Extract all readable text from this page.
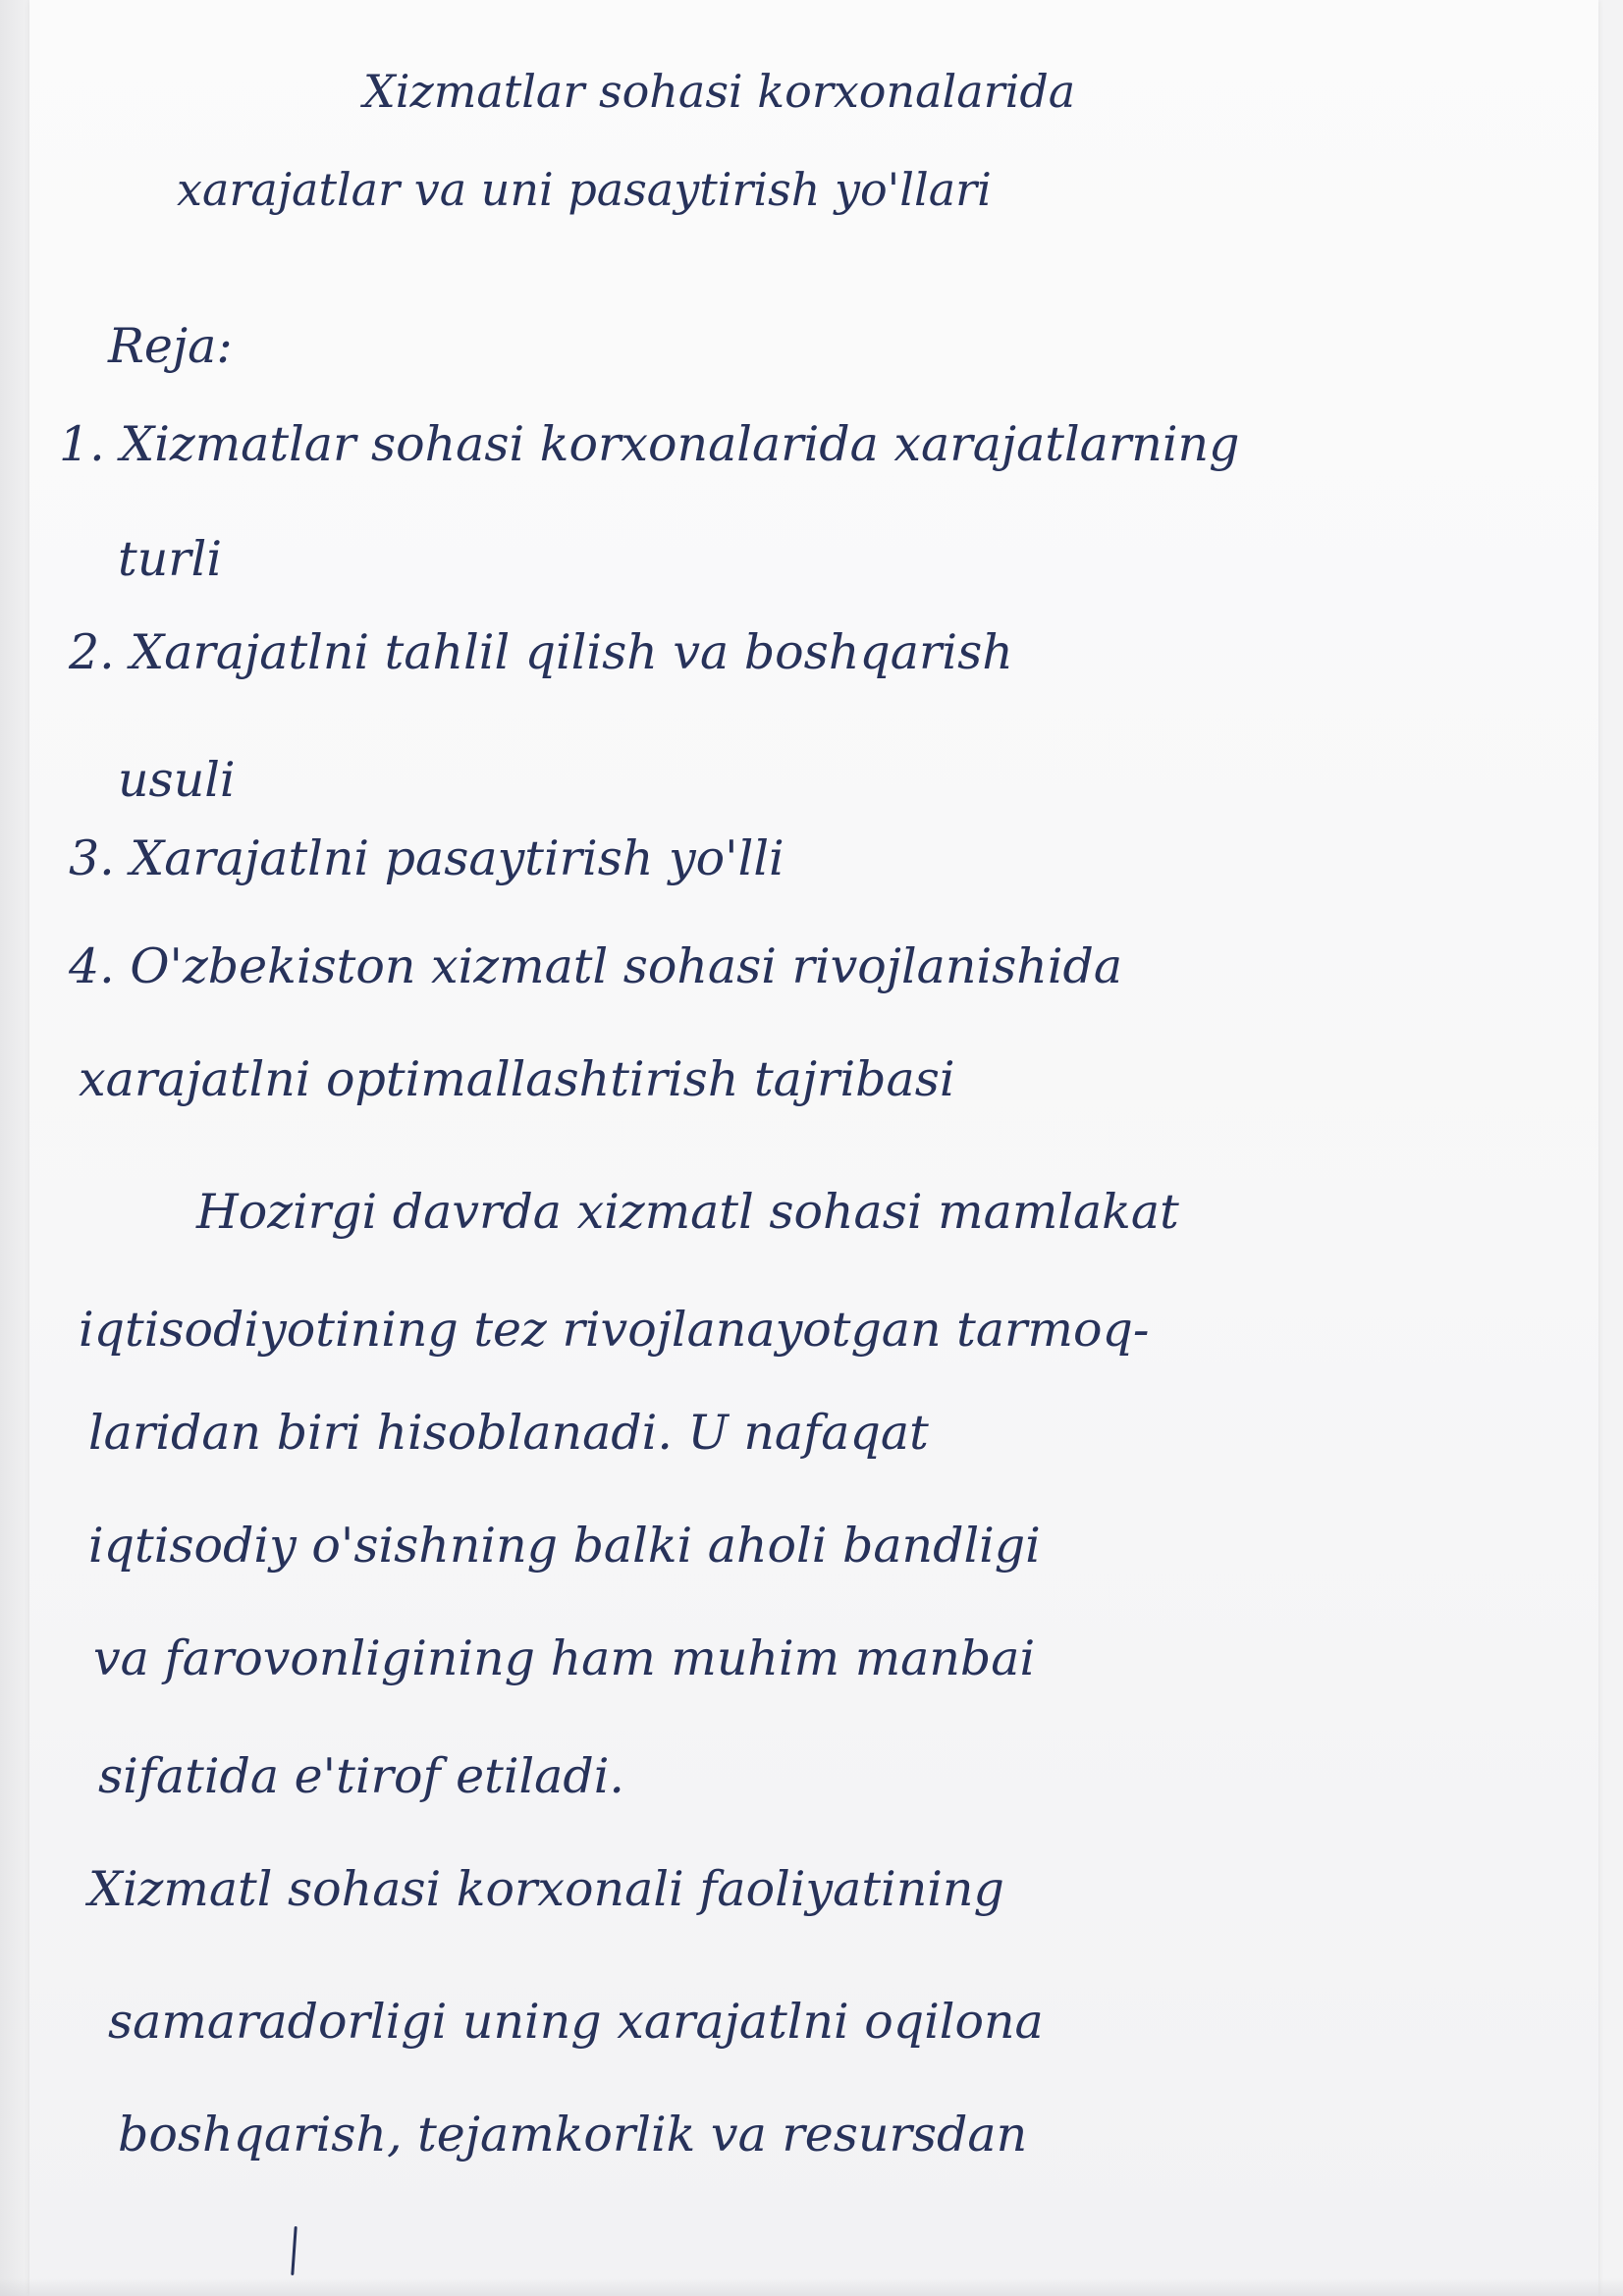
Xizmatlar sohasi korxonalarida

xarajatlar va uni pasaytirish yo'llari

Reja:

1. Xizmatlar sohasi korxonalarida xarajatlarning

turli

2. Xarajatlni tahlil qilish va boshqarish

usuli

3. Xarajatlni pasaytirish yo'lli

4. O'zbekiston xizmatl sohasi rivojlanishida

xarajatlni optimallashtirish tajribasi

Hozirgi davrda xizmatl sohasi mamlakat

iqtisodiyotining tez rivojlanayotgan tarmoq-

laridan biri hisoblanadi. U nafaqat

iqtisodiy o'sishning balki aholi bandligi

va farovonligining ham muhim manbai

sifatida e'tirof etiladi.

Xizmatl sohasi korxonali faoliyatining

samaradorligi uning xarajatlni oqilona

boshqarish, tejamkorlik va resursdan
